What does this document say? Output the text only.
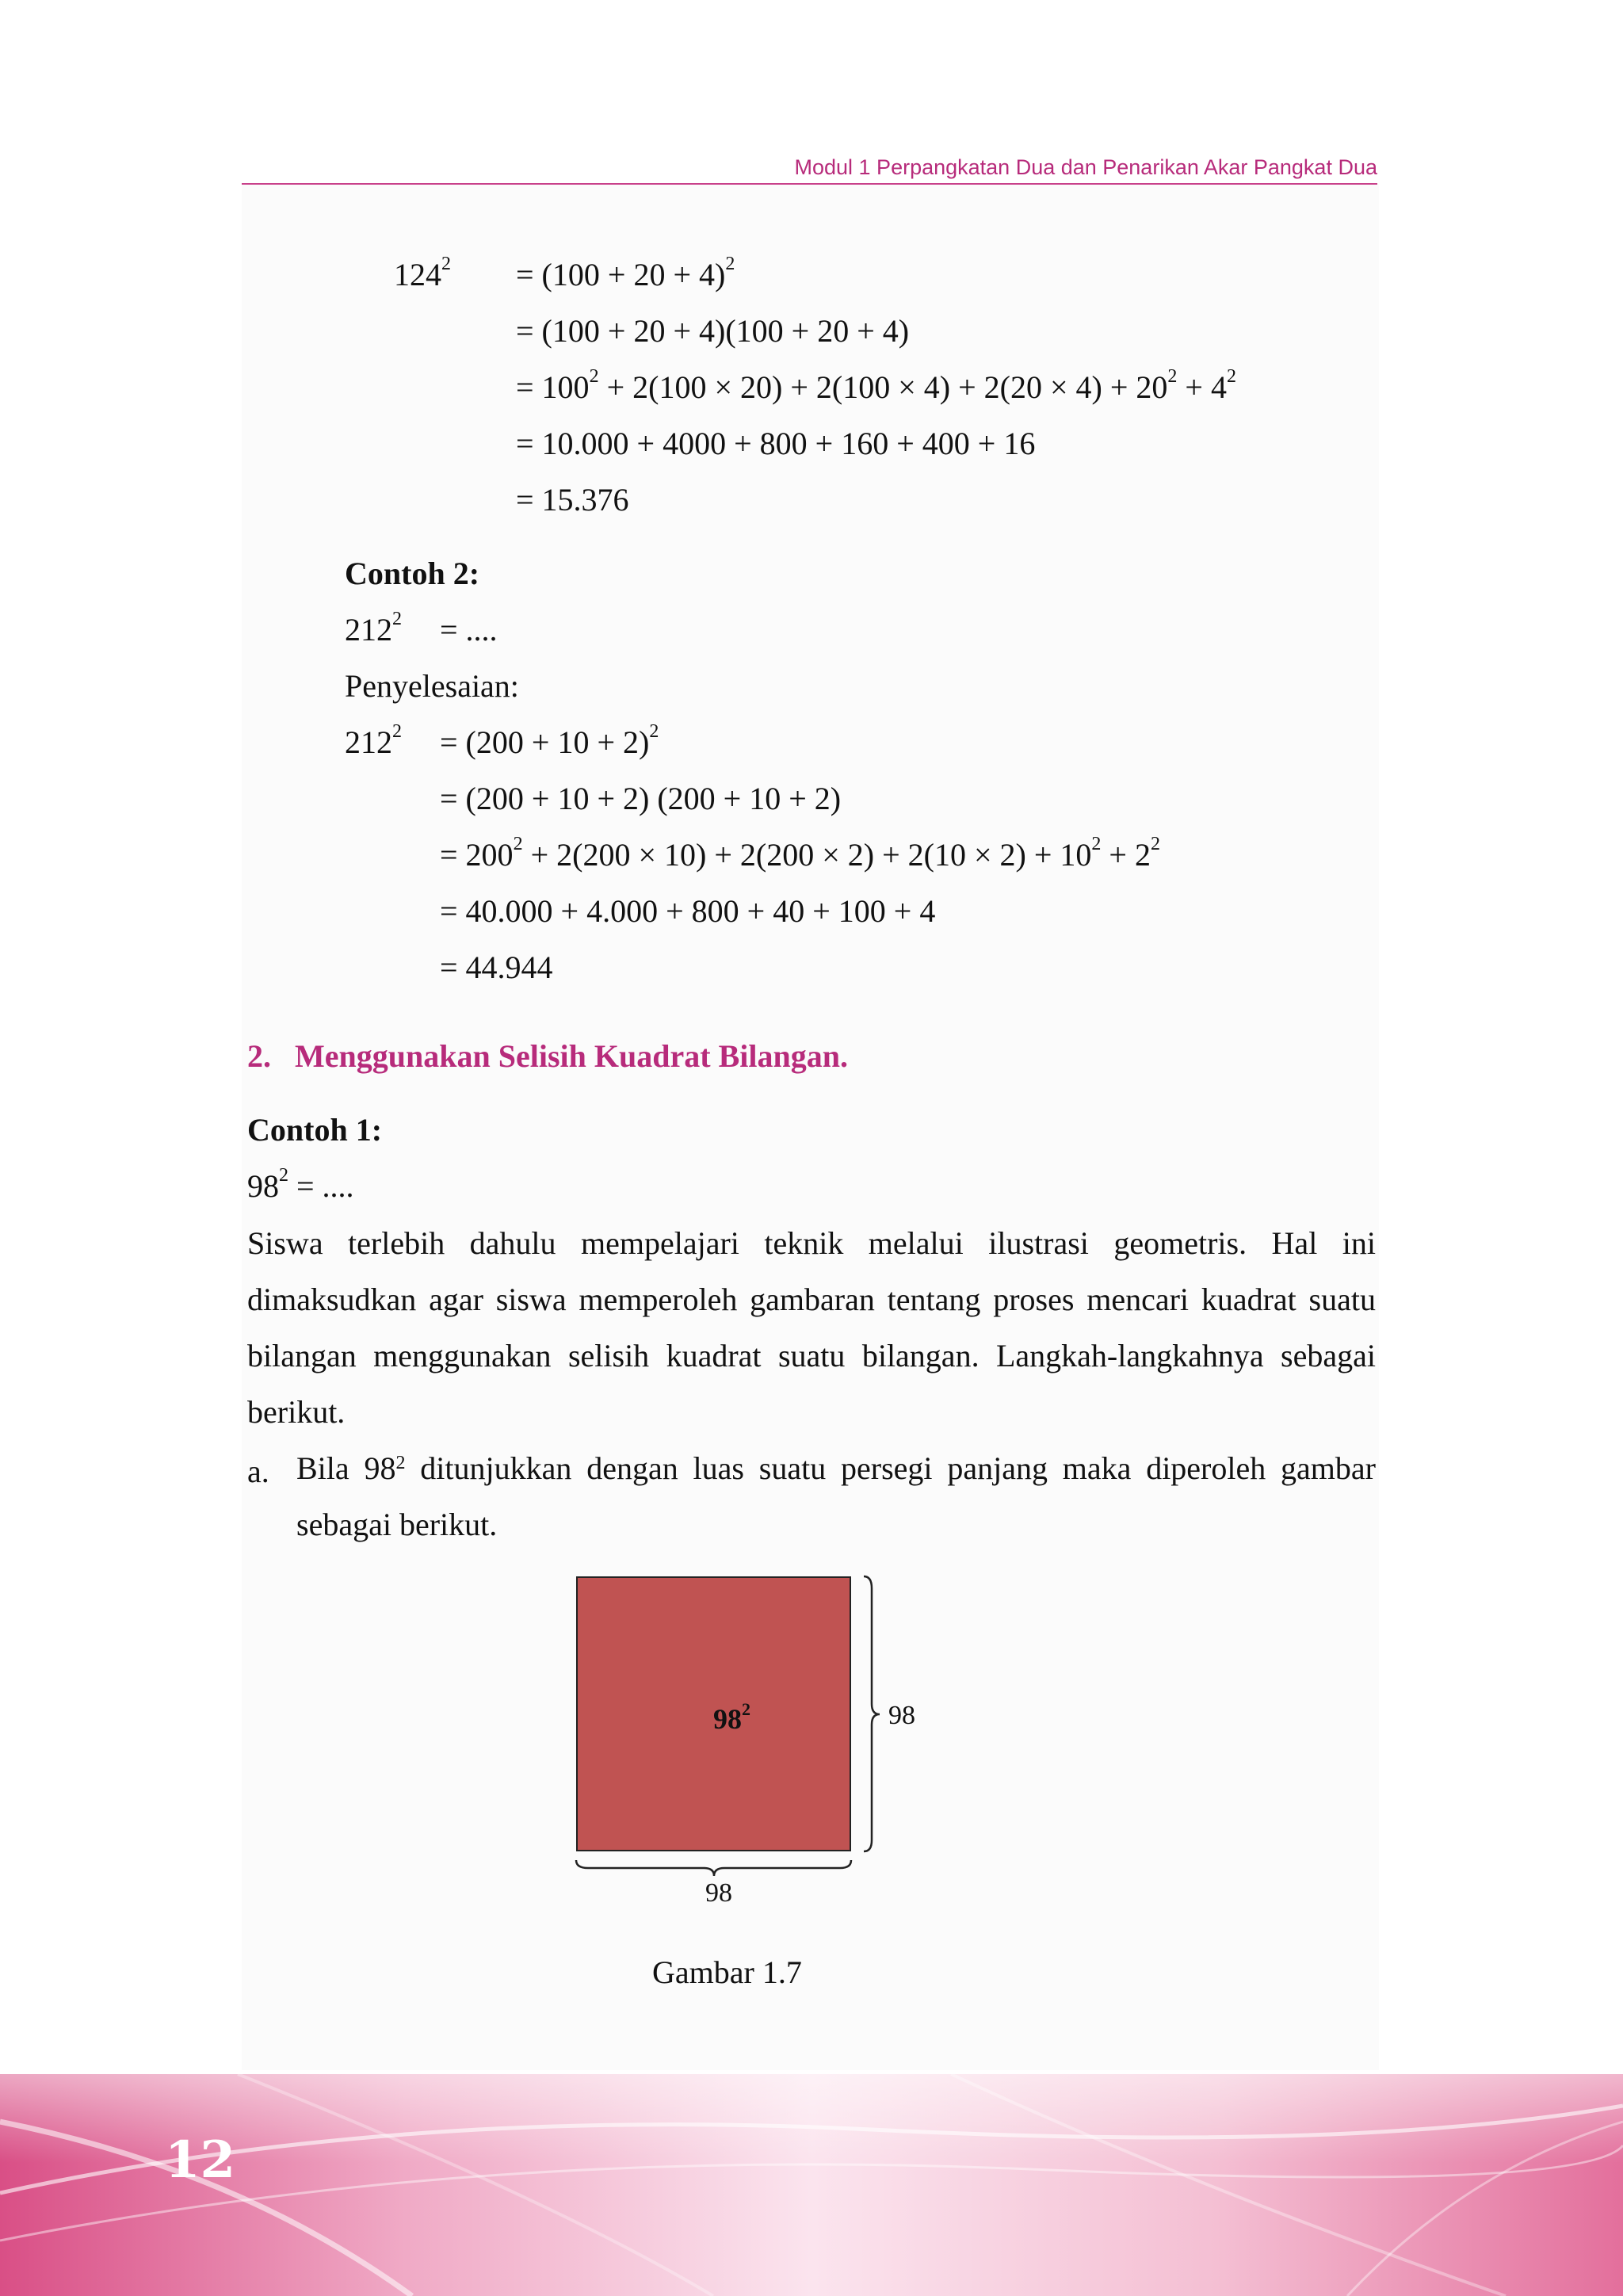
Modul 1 Perpangkatan Dua dan Penarikan Akar Pangkat Dua
$124^2 = (100 + 20 + 4)^2$
= (100 + 20 + 4)(100 + 20 + 4)
= $100^2 + 2(100 \times 20) + 2(100 \times 4) + 2(20 \times 4) + 20^2 + 4^2$
= 10.000 + 4000 + 800 + 160 + 400 + 16
= 15.376
Contoh 2:
$212^2$ = ....
Penyelesaian:
$212^2 = (200 + 10 + 2)^2$
= (200 + 10 + 2) (200 + 10 + 2)
= $200^2 + 2(200 \times 10) + 2(200 \times 2) + 2(10 \times 2) + 10^2 + 2^2$
= 40.000 + 4.000 + 800 + 40 + 100 + 4
= 44.944
2. Menggunakan Selisih Kuadrat Bilangan.
Contoh 1:
$98^2$ = ....
Siswa terlebih dahulu mempelajari teknik melalui ilustrasi geometris. Hal ini dimaksudkan agar siswa memperoleh gambaran tentang proses mencari kuadrat suatu bilangan menggunakan selisih kuadrat suatu bilangan. Langkah-langkahnya sebagai berikut.
a. Bila $98^2$ ditunjukkan dengan luas suatu persegi panjang maka diperoleh gambar sebagai berikut.
$98^2$	98
98
Gambar 1.7
12
